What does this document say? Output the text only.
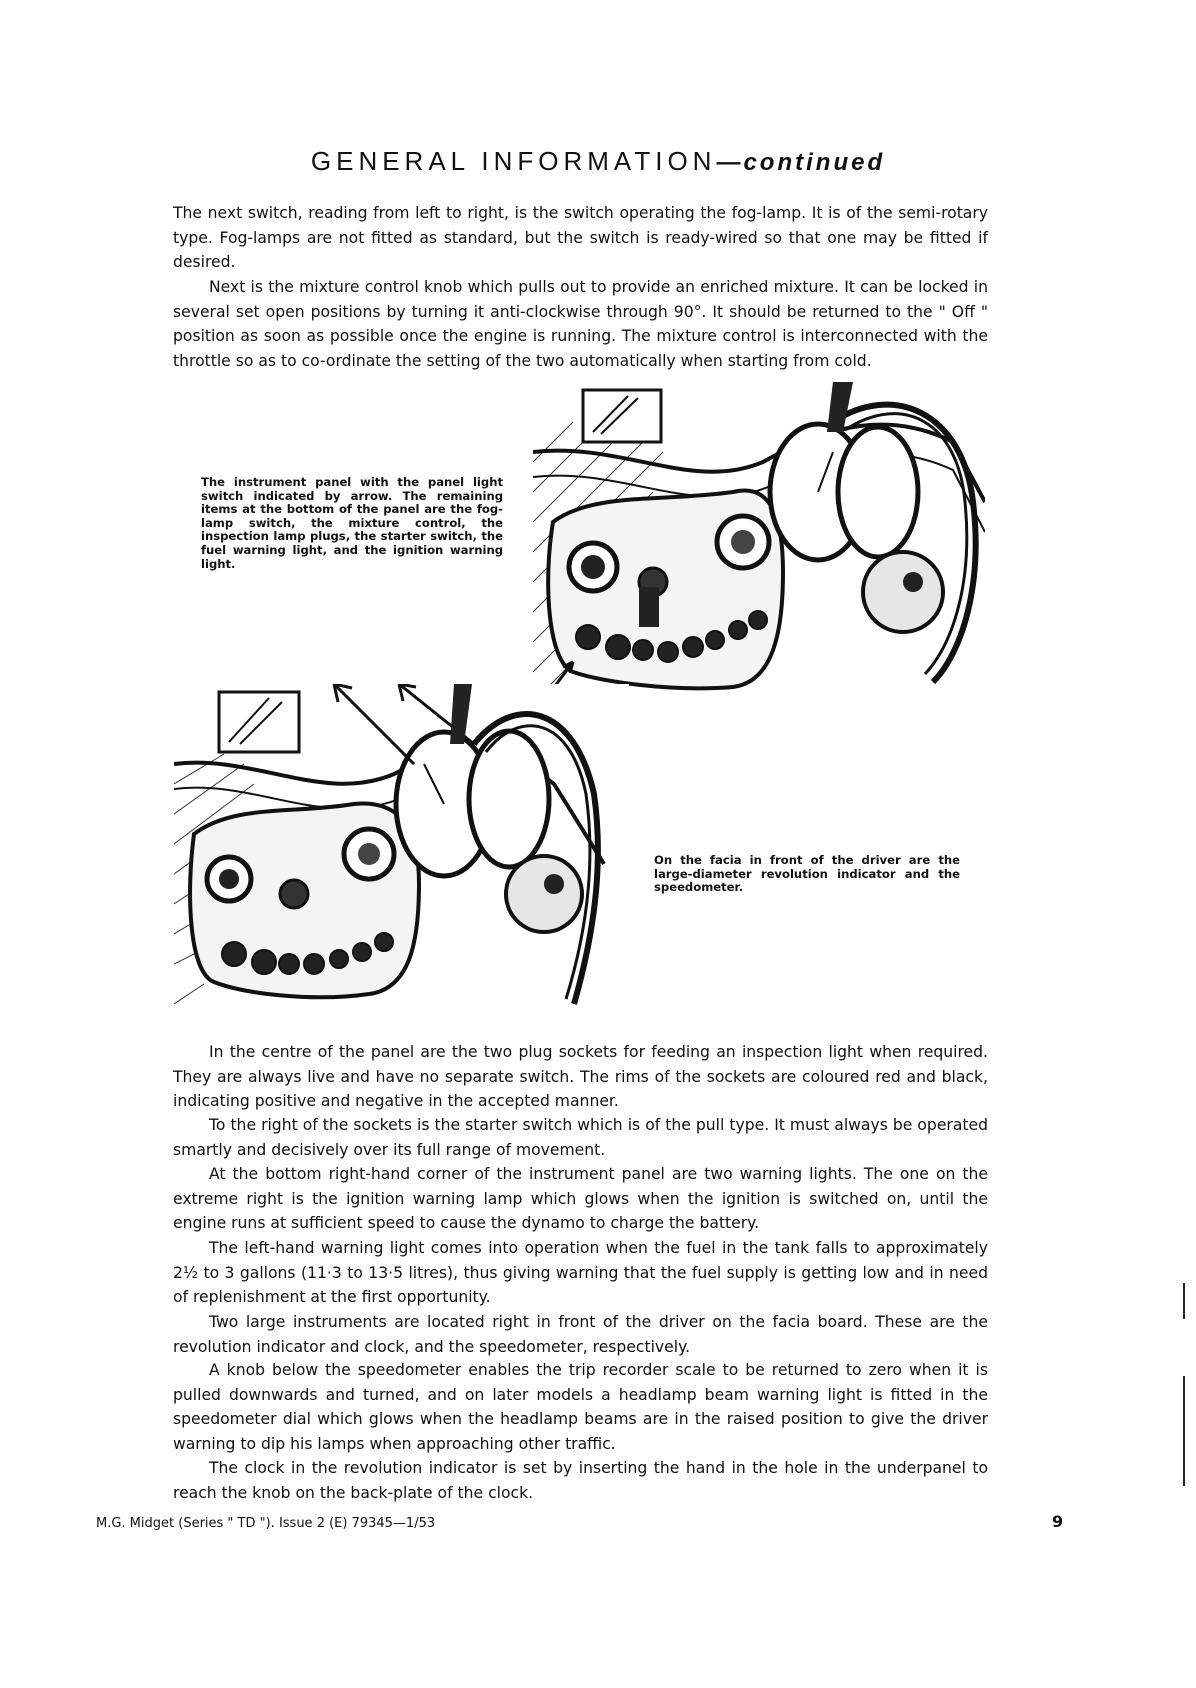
GENERAL INFORMATION—continued

The next switch, reading from left to right, is the switch operating the fog-lamp. It is of the semi-rotary type. Fog-lamps are not fitted as standard, but the switch is ready-wired so that one may be fitted if desired.

Next is the mixture control knob which pulls out to provide an enriched mixture. It can be locked in several set open positions by turning it anti-clockwise through 90°. It should be returned to the " Off " position as soon as possible once the engine is running. The mixture control is interconnected with the throttle so as to co-ordinate the setting of the two automatically when starting from cold.

The instrument panel with the panel light switch indicated by arrow. The remaining items at the bottom of the panel are the fog-lamp switch, the mixture control, the inspection lamp plugs, the starter switch, the fuel warning light, and the ignition warning light.

On the facia in front of the driver are the large-diameter revolution indicator and the speedometer.

In the centre of the panel are the two plug sockets for feeding an inspection light when required. They are always live and have no separate switch. The rims of the sockets are coloured red and black, indicating positive and negative in the accepted manner.

To the right of the sockets is the starter switch which is of the pull type. It must always be operated smartly and decisively over its full range of movement.

At the bottom right-hand corner of the instrument panel are two warning lights. The one on the extreme right is the ignition warning lamp which glows when the ignition is switched on, until the engine runs at sufficient speed to cause the dynamo to charge the battery.

The left-hand warning light comes into operation when the fuel in the tank falls to approximately 2½ to 3 gallons (11·3 to 13·5 litres), thus giving warning that the fuel supply is getting low and in need of replenishment at the first opportunity.

Two large instruments are located right in front of the driver on the facia board. These are the revolution indicator and clock, and the speedometer, respectively.

A knob below the speedometer enables the trip recorder scale to be returned to zero when it is pulled downwards and turned, and on later models a headlamp beam warning light is fitted in the speedometer dial which glows when the headlamp beams are in the raised position to give the driver warning to dip his lamps when approaching other traffic.

The clock in the revolution indicator is set by inserting the hand in the hole in the underpanel to reach the knob on the back-plate of the clock.

M.G. Midget (Series " TD "). Issue 2 (E) 79345—1/53	9
